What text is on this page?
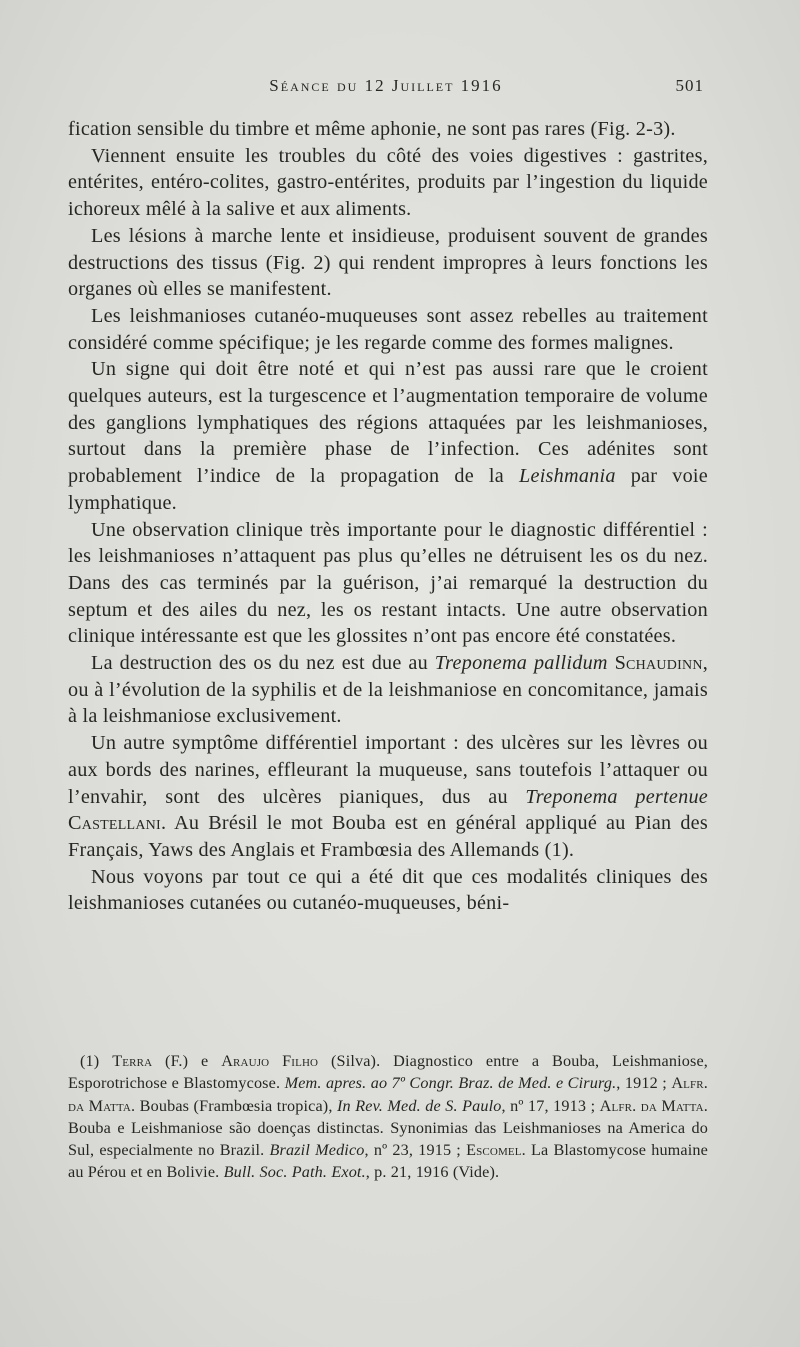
Séance du 12 Juillet 1916	501

fication sensible du timbre et même aphonie, ne sont pas rares (Fig. 2-3).

Viennent ensuite les troubles du côté des voies digestives : gastrites, entérites, entéro-colites, gastro-entérites, produits par l’ingestion du liquide ichoreux mêlé à la salive et aux aliments.

Les lésions à marche lente et insidieuse, produisent souvent de grandes destructions des tissus (Fig. 2) qui rendent impropres à leurs fonctions les organes où elles se manifestent.

Les leishmanioses cutanéo-muqueuses sont assez rebelles au traitement considéré comme spécifique; je les regarde comme des formes malignes.

Un signe qui doit être noté et qui n’est pas aussi rare que le croient quelques auteurs, est la turgescence et l’augmentation temporaire de volume des ganglions lymphatiques des régions attaquées par les leishmanioses, surtout dans la première phase de l’infection. Ces adénites sont probablement l’indice de la propagation de la Leishmania par voie lymphatique.

Une observation clinique très importante pour le diagnostic différentiel : les leishmanioses n’attaquent pas plus qu’elles ne détruisent les os du nez. Dans des cas terminés par la guérison, j’ai remarqué la destruction du septum et des ailes du nez, les os restant intacts. Une autre observation clinique intéressante est que les glossites n’ont pas encore été constatées.

La destruction des os du nez est due au Treponema pallidum Schaudinn, ou à l’évolution de la syphilis et de la leishmaniose en concomitance, jamais à la leishmaniose exclusivement.

Un autre symptôme différentiel important : des ulcères sur les lèvres ou aux bords des narines, effleurant la muqueuse, sans toutefois l’attaquer ou l’envahir, sont des ulcères pianiques, dus au Treponema pertenue Castellani. Au Brésil le mot Bouba est en général appliqué au Pian des Français, Yaws des Anglais et Frambœsia des Allemands (1).

Nous voyons par tout ce qui a été dit que ces modalités cliniques des leishmanioses cutanées ou cutanéo-muqueuses, béni-

(1) Terra (F.) e Araujo Filho (Silva). Diagnostico entre a Bouba, Leishmaniose, Esporotrichose e Blastomycose. Mem. apres. ao 7º Congr. Braz. de Med. e Cirurg., 1912 ; Alfr. da Matta. Boubas (Frambœsia tropica), In Rev. Med. de S. Paulo, nº 17, 1913 ; Alfr. da Matta. Bouba e Leishmaniose são doenças distinctas. Synonimias das Leishmanioses na America do Sul, especialmente no Brazil. Brazil Medico, nº 23, 1915 ; Escomel. La Blastomycose humaine au Pérou et en Bolivie. Bull. Soc. Path. Exot., p. 21, 1916 (Vide).
